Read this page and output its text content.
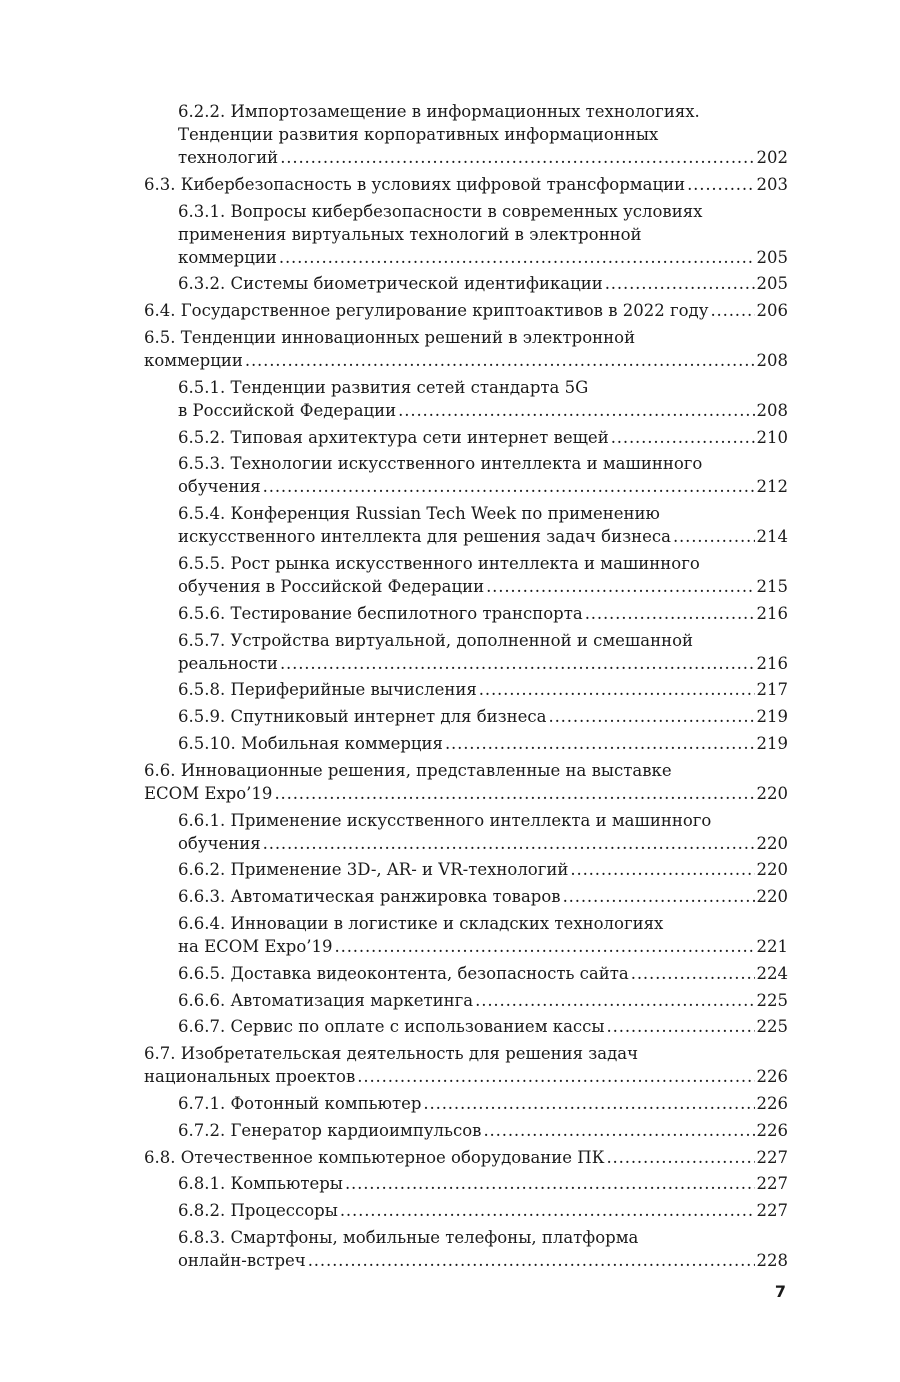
6.2.2. Импортозамещение в информационных технологиях.
Тенденции развития корпоративных информационных
технологий . . .	202
6.3. Кибербезопасность в условиях цифровой трансформации . . .	203
6.3.1. Вопросы кибербезопасности в современных условиях
применения виртуальных технологий в электронной
коммерции . . .	205
6.3.2. Системы биометрической идентификации . . .	205
6.4. Государственное регулирование криптоактивов в 2022 году . . .	206
6.5. Тенденции инновационных решений в электронной
коммерции . . .	208
6.5.1. Тенденции развития сетей стандарта 5G
в Российской Федерации . . .	208
6.5.2. Типовая архитектура сети интернет вещей . . .	210
6.5.3. Технологии искусственного интеллекта и машинного
обучения . . .	212
6.5.4. Конференция Russian Tech Week по применению
искусственного интеллекта для решения задач бизнеса . . .	214
6.5.5. Рост рынка искусственного интеллекта и машинного
обучения в Российской Федерации . . .	215
6.5.6. Тестирование беспилотного транспорта . . .	216
6.5.7. Устройства виртуальной, дополненной и смешанной
реальности . . .	216
6.5.8. Периферийные вычисления . . .	217
6.5.9. Спутниковый интернет для бизнеса . . .	219
6.5.10. Мобильная коммерция . . .	219
6.6. Инновационные решения, представленные на выставке
ECOM Expo’19 . . .	220
6.6.1. Применение искусственного интеллекта и машинного
обучения . . .	220
6.6.2. Применение 3D-, AR- и VR-технологий . . .	220
6.6.3. Автоматическая ранжировка товаров . . .	220
6.6.4. Инновации в логистике и складских технологиях
на ECOM Expo’19 . . .	221
6.6.5. Доставка видеоконтента, безопасность сайта . . .	224
6.6.6. Автоматизация маркетинга . . .	225
6.6.7. Сервис по оплате с использованием кассы . . .	225
6.7. Изобретательская деятельность для решения задач
национальных проектов . . .	226
6.7.1. Фотонный компьютер . . .	226
6.7.2. Генератор кардиоимпульсов . . .	226
6.8. Отечественное компьютерное оборудование ПК . . .	227
6.8.1. Компьютеры . . .	227
6.8.2. Процессоры . . .	227
6.8.3. Смартфоны, мобильные телефоны, платформа
онлайн-встреч . . .	228
7
